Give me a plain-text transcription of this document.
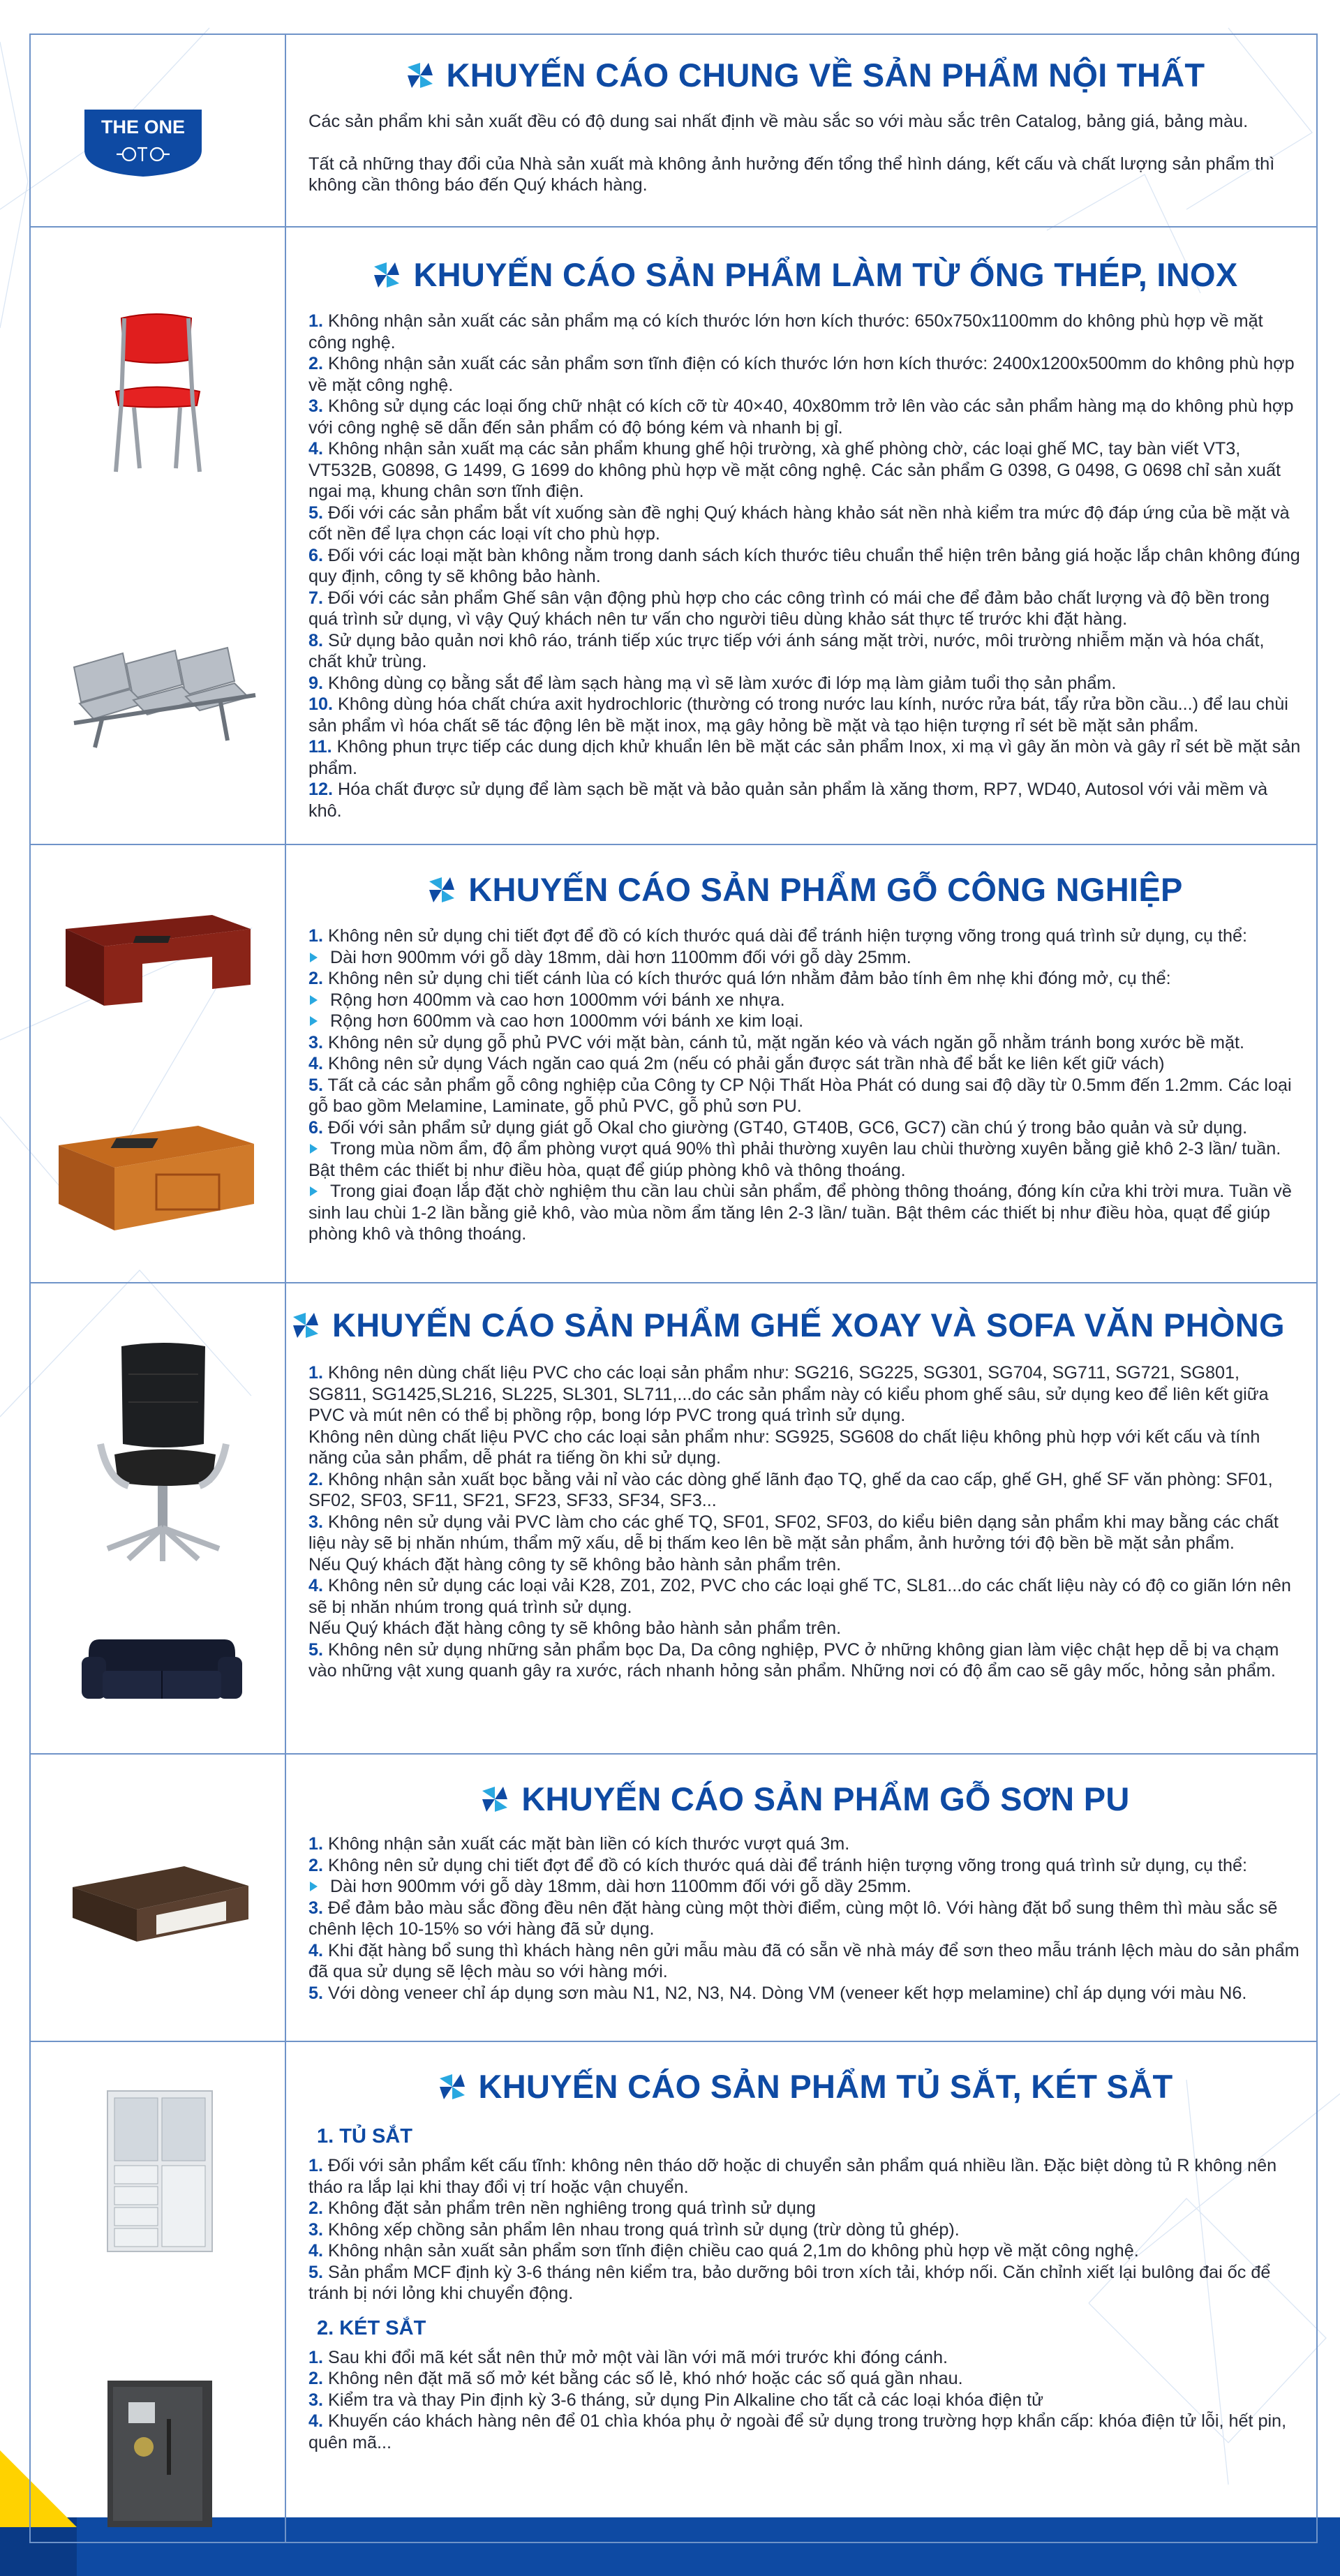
THE ONE
KHUYẾN CÁO CHUNG VỀ SẢN PHẨM NỘI THẤT

Các sản phẩm khi sản xuất đều có độ dung sai nhất định về màu sắc so với màu sắc trên Catalog, bảng giá, bảng màu.

Tất cả những thay đổi của Nhà sản xuất mà không ảnh hưởng đến tổng thể hình dáng, kết cấu và chất lượng sản phẩm thì không cần thông báo đến Quý khách hàng.

KHUYẾN CÁO SẢN PHẨM LÀM TỪ ỐNG THÉP, INOX

1. Không nhận sản xuất các sản phẩm mạ có kích thước lớn hơn kích thước: 650x750x1100mm do không phù hợp về mặt công nghệ.

2. Không nhận sản xuất các sản phẩm sơn tĩnh điện có kích thước lớn hơn kích thước: 2400x1200x500mm do không phù hợp về mặt công nghệ.

3. Không sử dụng các loại ống chữ nhật có kích cỡ từ 40×40, 40x80mm trở lên vào các sản phẩm hàng mạ do không phù hợp với công nghệ sẽ dẫn đến sản phẩm có độ bóng kém và nhanh bị gỉ.

4. Không nhận sản xuất mạ các sản phẩm khung ghế hội trường, xà ghế phòng chờ, các loại ghế MC, tay bàn viết VT3, VT532B, G0898, G 1499, G 1699 do không phù hợp về mặt công nghệ. Các sản phẩm G 0398, G 0498, G 0698 chỉ sản xuất ngai mạ, khung chân sơn tĩnh điện.

5. Đối với các sản phẩm bắt vít xuống sàn đề nghị Quý khách hàng khảo sát nền nhà kiểm tra mức độ đáp ứng của bề mặt và cốt nền để lựa chọn các loại vít cho phù hợp.

6. Đối với các loại mặt bàn không nằm trong danh sách kích thước tiêu chuẩn thể hiện trên bảng giá hoặc lắp chân không đúng quy định, công ty sẽ không bảo hành.

7. Đối với các sản phẩm Ghế sân vận động phù hợp cho các công trình có mái che để đảm bảo chất lượng và độ bền trong quá trình sử dụng, vì vậy Quý khách nên tư vấn cho người tiêu dùng khảo sát thực tế trước khi đặt hàng.

8. Sử dụng bảo quản nơi khô ráo, tránh tiếp xúc trực tiếp với ánh sáng mặt trời, nước, môi trường nhiễm mặn và hóa chất, chất khử trùng.

9. Không dùng cọ bằng sắt để làm sạch hàng mạ vì sẽ làm xước đi lớp mạ làm giảm tuổi thọ sản phẩm.

10. Không dùng hóa chất chứa axit hydrochloric (thường có trong nước lau kính, nước rửa bát, tẩy rửa bồn cầu...) để lau chùi sản phẩm vì hóa chất sẽ tác động lên bề mặt inox, mạ gây hỏng bề mặt và tạo hiện tượng rỉ sét bề mặt sản phẩm.

11. Không phun trực tiếp các dung dịch khử khuẩn lên bề mặt các sản phẩm Inox, xi mạ vì gây ăn mòn và gây rỉ sét bề mặt sản phẩm.

12. Hóa chất được sử dụng để làm sạch bề mặt và bảo quản sản phẩm là xăng thơm, RP7, WD40, Autosol với vải mềm và khô.

KHUYẾN CÁO SẢN PHẨM GỖ CÔNG NGHIỆP

1. Không nên sử dụng chi tiết đợt để đồ có kích thước quá dài để tránh hiện tượng võng trong quá trình sử dụng, cụ thể:

Dài hơn 900mm với gỗ dày 18mm, dài hơn 1100mm đối với gỗ dày 25mm.

2. Không nên sử dụng chi tiết cánh lùa có kích thước quá lớn nhằm đảm bảo tính êm nhẹ khi đóng mở, cụ thể:

Rộng hơn 400mm và cao hơn 1000mm với bánh xe nhựa.

Rộng hơn 600mm và cao hơn 1000mm với bánh xe kim loại.

3. Không nên sử dụng gỗ phủ PVC với mặt bàn, cánh tủ, mặt ngăn kéo và vách ngăn gỗ nhằm tránh bong xước bề mặt.

4. Không nên sử dụng Vách ngăn cao quá 2m (nếu có phải gắn được sát trần nhà để bắt ke liên kết giữ vách)

5. Tất cả các sản phẩm gỗ công nghiệp của Công ty CP Nội Thất Hòa Phát có dung sai độ dầy từ 0.5mm đến 1.2mm. Các loại gỗ bao gồm Melamine, Laminate, gỗ phủ PVC, gỗ phủ sơn PU.

6. Đối với sản phẩm sử dụng giát gỗ Okal cho giường (GT40, GT40B, GC6, GC7) cần chú ý trong bảo quản và sử dụng.

Trong mùa nồm ẩm, độ ẩm phòng vượt quá 90% thì phải thường xuyên lau chùi thường xuyên bằng giẻ khô 2-3 lần/ tuần. Bật thêm các thiết bị như điều hòa, quạt để giúp phòng khô và thông thoáng.

Trong giai đoạn lắp đặt chờ nghiệm thu cần lau chùi sản phẩm, để phòng thông thoáng, đóng kín cửa khi trời mưa. Tuần về sinh lau chùi 1-2 lần bằng giẻ khô, vào mùa nồm ẩm tăng lên 2-3 lần/ tuần. Bật thêm các thiết bị như điều hòa, quạt để giúp phòng khô và thông thoáng.

KHUYẾN CÁO SẢN PHẨM GHẾ XOAY VÀ SOFA VĂN PHÒNG

1. Không nên dùng chất liệu PVC cho các loại sản phẩm như: SG216, SG225, SG301, SG704, SG711, SG721, SG801, SG811, SG1425,SL216, SL225, SL301, SL711,...do các sản phẩm này có kiểu phom ghế sâu, sử dụng keo để liên kết giữa PVC và mút nên có thể bị phồng rộp, bong lớp PVC trong quá trình sử dụng.

Không nên dùng chất liệu PVC cho các loại sản phẩm như: SG925, SG608 do chất liệu không phù hợp với kết cấu và tính năng của sản phẩm, dễ phát ra tiếng ồn khi sử dụng.

2. Không nhận sản xuất bọc bằng vải nỉ vào các dòng ghế lãnh đạo TQ, ghế da cao cấp, ghế GH, ghế SF văn phòng: SF01, SF02, SF03, SF11, SF21, SF23, SF33, SF34, SF3...

3. Không nên sử dụng vải PVC làm cho các ghế TQ, SF01, SF02, SF03, do kiểu biên dạng sản phẩm khi may bằng các chất liệu này sẽ bị nhăn nhúm, thẩm mỹ xấu, dễ bị thấm keo lên bề mặt sản phẩm, ảnh hưởng tới độ bền bề mặt sản phẩm.

Nếu Quý khách đặt hàng công ty sẽ không bảo hành sản phẩm trên.

4. Không nên sử dụng các loại vải K28, Z01, Z02, PVC cho các loại ghế TC, SL81...do các chất liệu này có độ co giãn lớn nên sẽ bị nhăn nhúm trong quá trình sử dụng.

Nếu Quý khách đặt hàng công ty sẽ không bảo hành sản phẩm trên.

5. Không nên sử dụng những sản phẩm bọc Da, Da công nghiệp, PVC ở những không gian làm việc chật hẹp dễ bị va chạm vào những vật xung quanh gây ra xước, rách nhanh hỏng sản phẩm. Những nơi có độ ẩm cao sẽ gây mốc, hỏng sản phẩm.

KHUYẾN CÁO SẢN PHẨM GỖ SƠN PU

1. Không nhận sản xuất các mặt bàn liền có kích thước vượt quá 3m.

2. Không nên sử dụng chi tiết đợt để đồ có kích thước quá dài để tránh hiện tượng võng trong quá trình sử dụng, cụ thể:

Dài hơn 900mm với gỗ dày 18mm, dài hơn 1100mm đối với gỗ dầy 25mm.

3. Để đảm bảo màu sắc đồng đều nên đặt hàng cùng một thời điểm, cùng một lô. Với hàng đặt bổ sung thêm thì màu sắc sẽ chênh lệch 10-15% so với hàng đã sử dụng.

4. Khi đặt hàng bổ sung thì khách hàng nên gửi mẫu màu đã có sẵn về nhà máy để sơn theo mẫu tránh lệch màu do sản phẩm đã qua sử dụng sẽ lệch màu so với hàng mới.

5. Với dòng veneer chỉ áp dụng sơn màu N1, N2, N3, N4. Dòng VM (veneer kết hợp melamine) chỉ áp dụng với màu N6.

KHUYẾN CÁO SẢN PHẨM TỦ SẮT, KÉT SẮT
1. TỦ SẮT

1. Đối với sản phẩm kết cấu tĩnh: không nên tháo dỡ hoặc di chuyển sản phẩm quá nhiều lần. Đặc biệt dòng tủ R không nên tháo ra lắp lại khi thay đổi vị trí hoặc vận chuyển.

2. Không đặt sản phẩm trên nền nghiêng trong quá trình sử dụng

3. Không xếp chồng sản phẩm lên nhau trong quá trình sử dụng (trừ dòng tủ ghép).

4. Không nhận sản xuất sản phẩm sơn tĩnh điện chiều cao quá 2,1m do không phù hợp về mặt công nghệ.

5. Sản phẩm MCF định kỳ 3-6 tháng nên kiểm tra, bảo dưỡng bôi trơn xích tải, khớp nối. Căn chỉnh xiết lại bulông đai ốc để tránh bị nới lỏng khi chuyển động.

2. KÉT SẮT

1. Sau khi đổi mã két sắt nên thử mở một vài lần với mã mới trước khi đóng cánh.

2. Không nên đặt mã số mở két bằng các số lẻ, khó nhớ hoặc các số quá gần nhau.

3. Kiểm tra và thay Pin định kỳ 3-6 tháng, sử dụng Pin Alkaline cho tất cả các loại khóa điện tử

4. Khuyến cáo khách hàng nên để 01 chìa khóa phụ ở ngoài để sử dụng trong trường hợp khẩn cấp: khóa điện tử lỗi, hết pin, quên mã...
